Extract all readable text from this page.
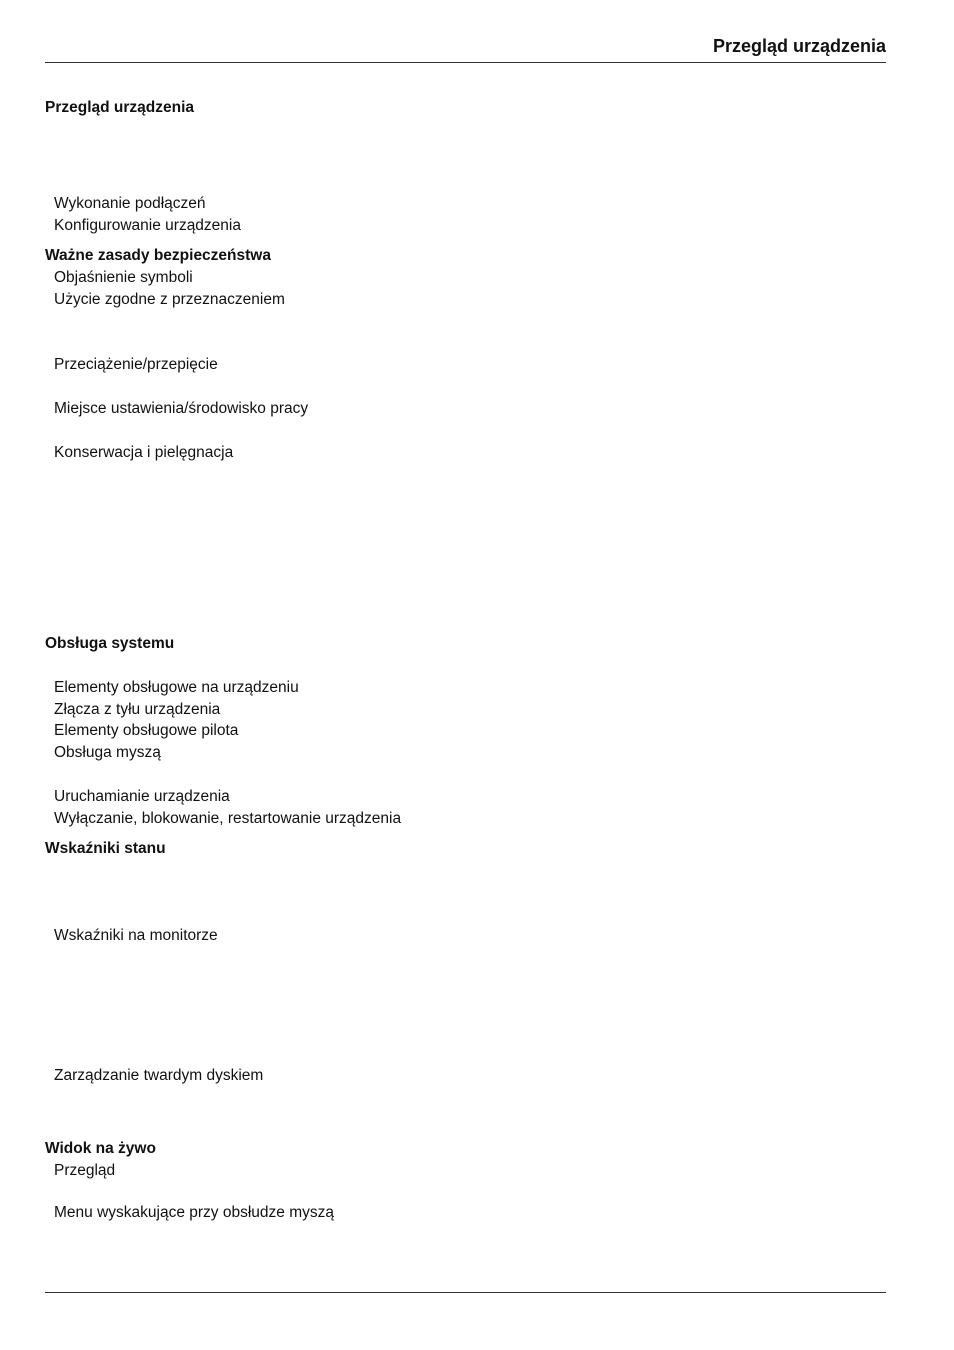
Przegląd urządzenia

Przegląd urządzenia

Wykonanie podłączeń

Konfigurowanie urządzenia

Ważne zasady bezpieczeństwa

Objaśnienie symboli

Użycie zgodne z przeznaczeniem

Przeciążenie/przepięcie

Miejsce ustawienia/środowisko pracy

Konserwacja i pielęgnacja

Obsługa systemu

Elementy obsługowe na urządzeniu

Złącza z tyłu urządzenia

Elementy obsługowe pilota

Obsługa myszą

Uruchamianie urządzenia

Wyłączanie, blokowanie, restartowanie urządzenia

Wskaźniki stanu

Wskaźniki na monitorze

Zarządzanie twardym dyskiem

Widok na żywo

Przegląd

Menu wyskakujące przy obsłudze myszą
